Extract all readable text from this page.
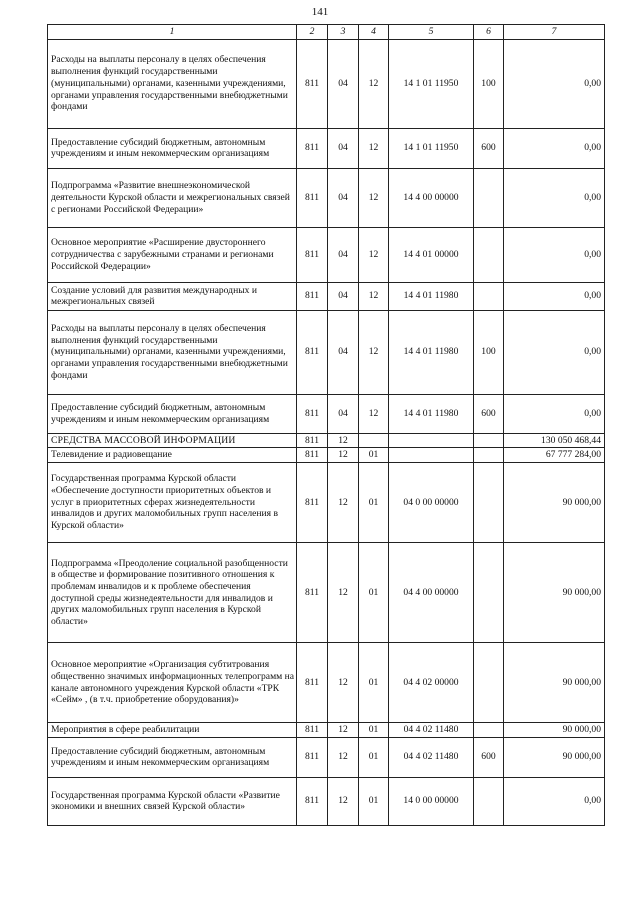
141
1	2	3	4	5	6	7
Расходы на выплаты персоналу в целях обеспечения выполнения функций государственными (муниципальными) органами, казенными учреждениями, органами управления государственными внебюджетными фондами	811	04	12	14 1 01 11950	100	0,00
Предоставление субсидий бюджетным, автономным учреждениям и иным некоммерческим организациям	811	04	12	14 1 01 11950	600	0,00
Подпрограмма «Развитие внешнеэкономической деятельности Курской области и межрегиональных связей с регионами Российской Федерации»	811	04	12	14 4 00 00000		0,00
Основное мероприятие «Расширение двустороннего сотрудничества с зарубежными странами и регионами Российской Федерации»	811	04	12	14 4 01 00000		0,00
Создание условий для развития международных и межрегиональных связей	811	04	12	14 4 01 11980		0,00
Расходы на выплаты персоналу в целях обеспечения выполнения функций государственными (муниципальными) органами, казенными учреждениями, органами управления государственными внебюджетными фондами	811	04	12	14 4 01 11980	100	0,00
Предоставление субсидий бюджетным, автономным учреждениям и иным некоммерческим организациям	811	04	12	14 4 01 11980	600	0,00
СРЕДСТВА МАССОВОЙ ИНФОРМАЦИИ	811	12				130 050 468,44
Телевидение и радиовещание	811	12	01			67 777 284,00
Государственная программа Курской области «Обеспечение доступности приоритетных объектов и услуг в приоритетных сферах жизнедеятельности инвалидов и других маломобильных групп населения в Курской области»	811	12	01	04 0 00 00000		90 000,00
Подпрограмма «Преодоление социальной разобщенности в обществе и формирование позитивного отношения к проблемам инвалидов и к проблеме обеспечения доступной среды жизнедеятельности для инвалидов и других маломобильных групп населения в Курской области»	811	12	01	04 4 00 00000		90 000,00
Основное мероприятие «Организация субтитрования общественно значимых информационных телепрограмм на канале автономного учреждения Курской области «ТРК «Сейм» , (в т.ч. приобретение оборудования)»	811	12	01	04 4 02 00000		90 000,00
Мероприятия в сфере реабилитации	811	12	01	04 4 02 11480		90 000,00
Предоставление субсидий бюджетным, автономным учреждениям и иным некоммерческим организациям	811	12	01	04 4 02 11480	600	90 000,00
Государственная программа Курской области «Развитие экономики и внешних связей Курской области»	811	12	01	14 0 00 00000		0,00
